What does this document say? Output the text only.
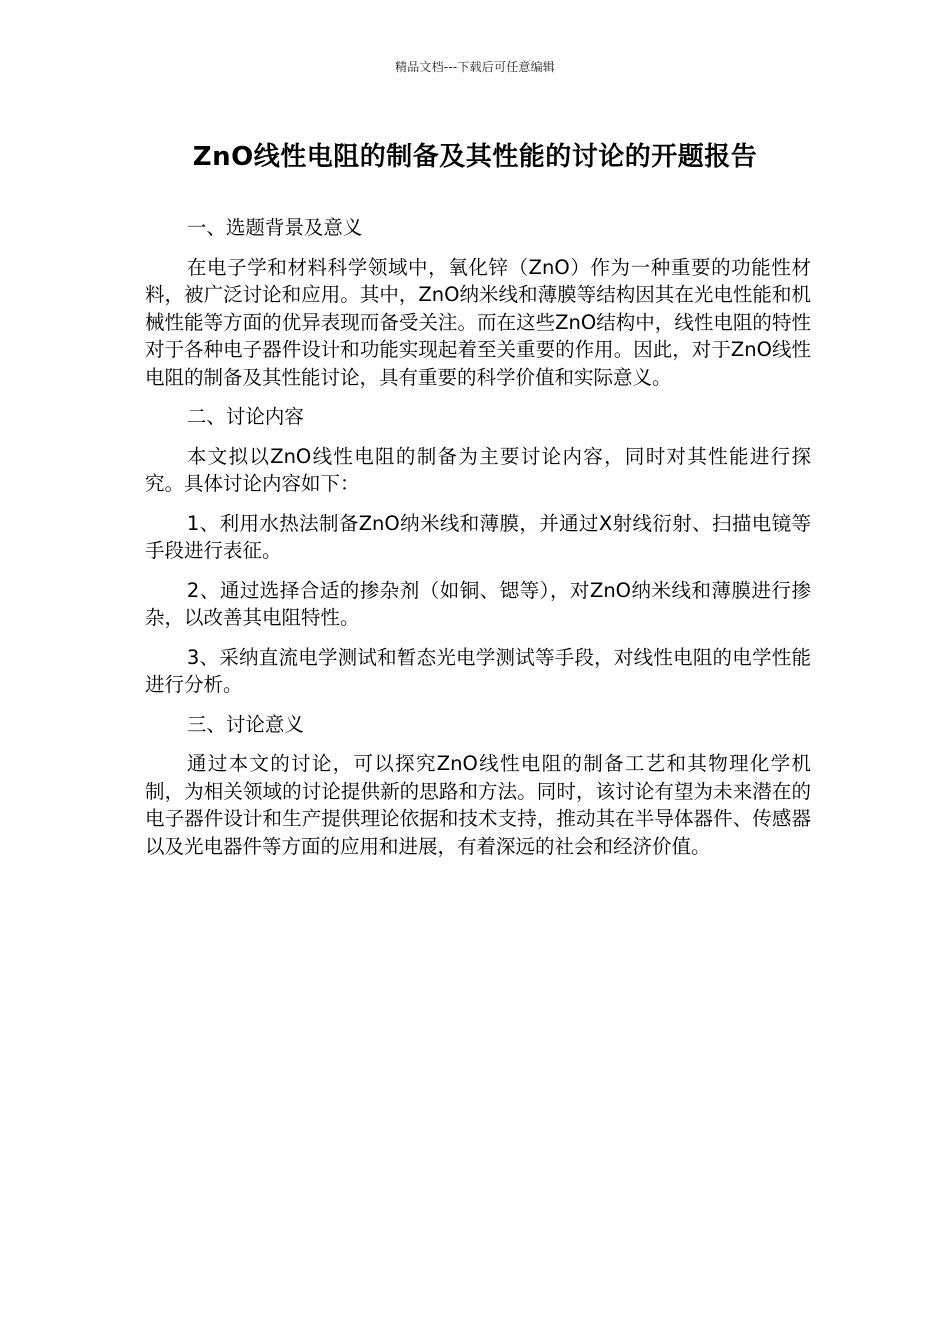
精品文档---下载后可任意编辑
ZnO线性电阻的制备及其性能的讨论的开题报告

一、选题背景及意义

在电子学和材料科学领域中，氧化锌（ZnO）作为一种重要的功能性材料，被广泛讨论和应用。其中，ZnO纳米线和薄膜等结构因其在光电性能和机械性能等方面的优异表现而备受关注。而在这些ZnO结构中，线性电阻的特性对于各种电子器件设计和功能实现起着至关重要的作用。因此，对于ZnO线性电阻的制备及其性能讨论，具有重要的科学价值和实际意义。

二、讨论内容

本文拟以ZnO线性电阻的制备为主要讨论内容，同时对其性能进行探究。具体讨论内容如下：

1、利用水热法制备ZnO纳米线和薄膜，并通过X射线衍射、扫描电镜等手段进行表征。

2、通过选择合适的掺杂剂（如铜、锶等），对ZnO纳米线和薄膜进行掺杂，以改善其电阻特性。

3、采纳直流电学测试和暂态光电学测试等手段，对线性电阻的电学性能进行分析。

三、讨论意义

通过本文的讨论，可以探究ZnO线性电阻的制备工艺和其物理化学机制，为相关领域的讨论提供新的思路和方法。同时，该讨论有望为未来潜在的电子器件设计和生产提供理论依据和技术支持，推动其在半导体器件、传感器以及光电器件等方面的应用和进展，有着深远的社会和经济价值。
